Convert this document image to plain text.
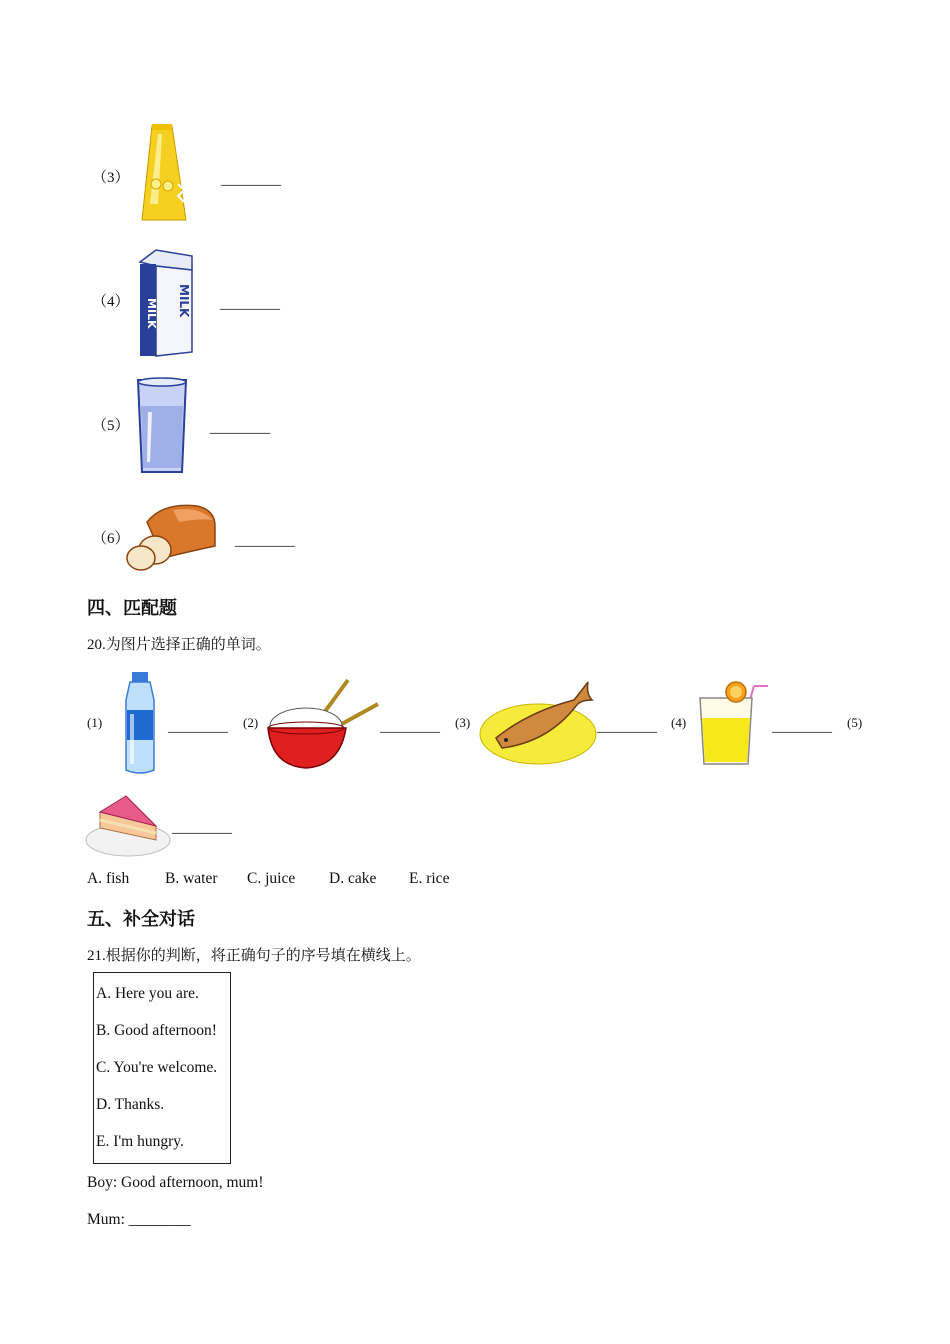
（3）	________
（4） MILK MILK ________
（5）	________
（6）	________
四、匹配题
20.为图片选择正确的单词。
(1)	________ (2)	________ (3)	________ (4)	________ (5)
________
A. fish B. water C. juice D. cake E. rice
五、补全对话
21.根据你的判断，将正确句子的序号填在横线上。
A. Here you are.
B. Good afternoon!
C. You're welcome.
D. Thanks.
E. I'm hungry.
Boy: Good afternoon, mum!
Mum: ________
